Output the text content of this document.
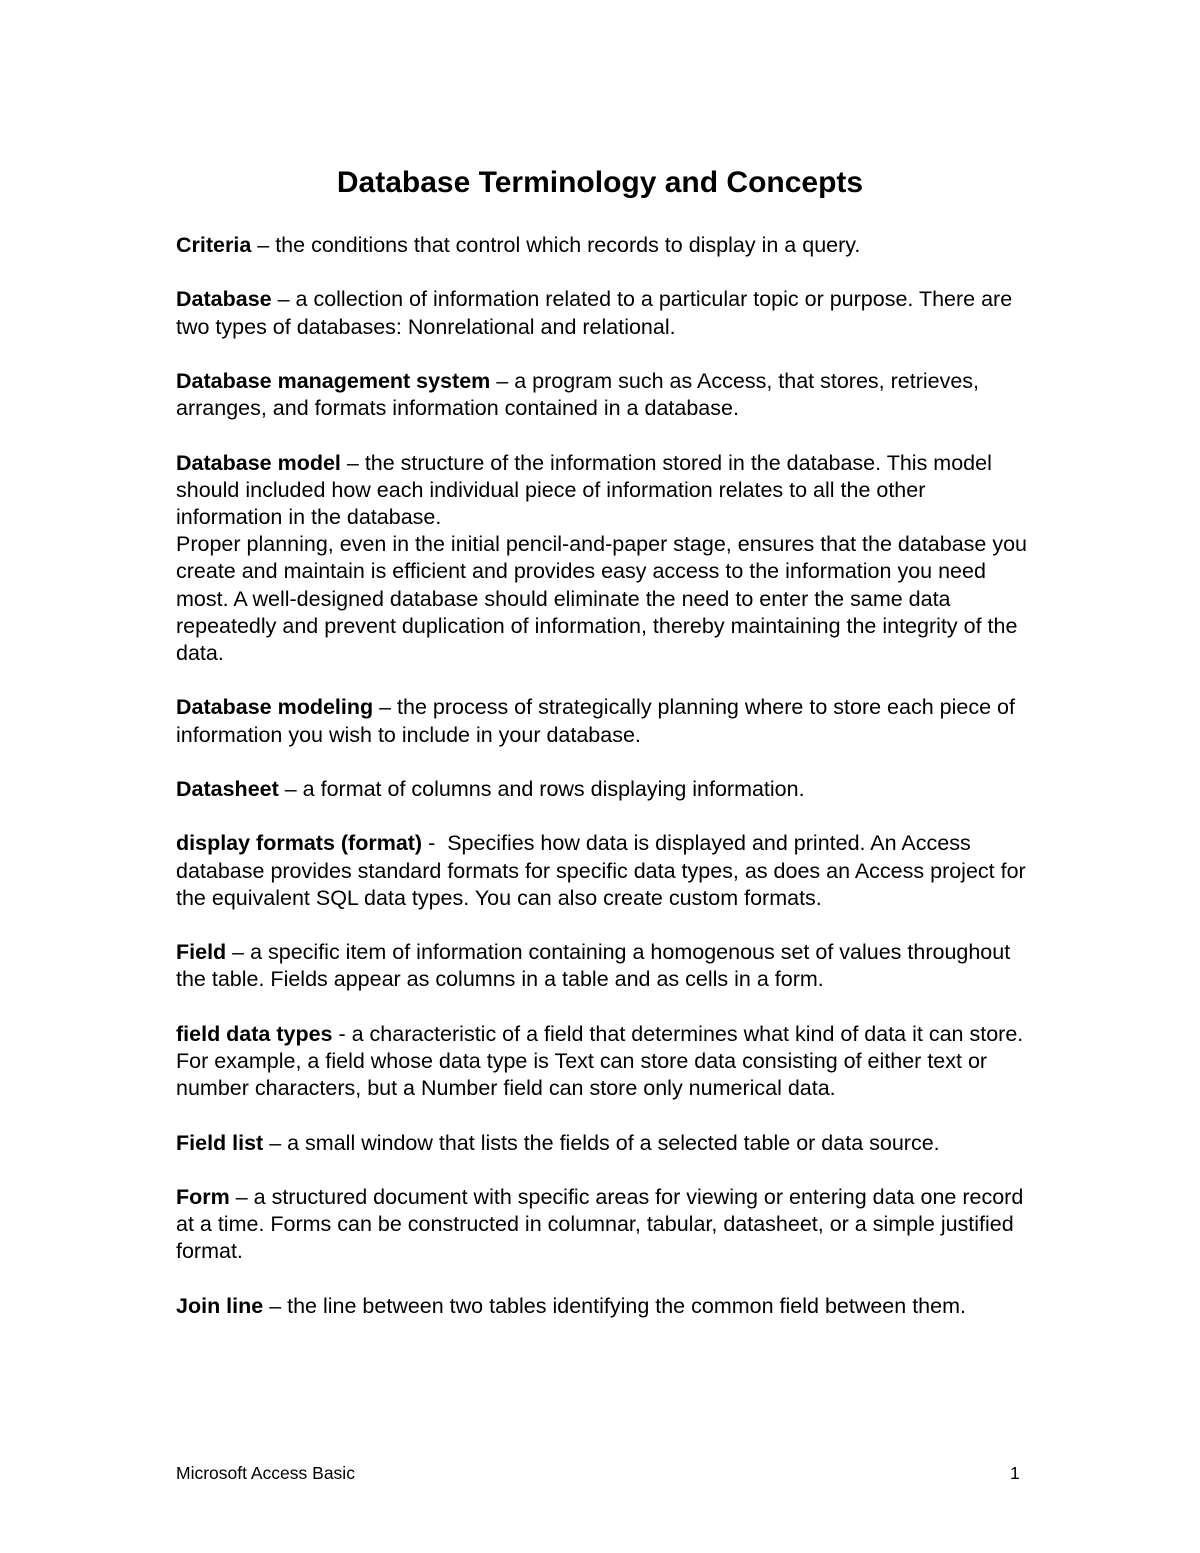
Database Terminology and Concepts

Criteria – the conditions that control which records to display in a query.

Database – a collection of information related to a particular topic or purpose. There are two types of databases: Nonrelational and relational.

Database management system – a program such as Access, that stores, retrieves, arranges, and formats information contained in a database.

Database model – the structure of the information stored in the database. This model should included how each individual piece of information relates to all the other information in the database.

Proper planning, even in the initial pencil-and-paper stage, ensures that the database you create and maintain is efficient and provides easy access to the information you need most. A well-designed database should eliminate the need to enter the same data repeatedly and prevent duplication of information, thereby maintaining the integrity of the data.

Database modeling – the process of strategically planning where to store each piece of information you wish to include in your database.

Datasheet – a format of columns and rows displaying information.

display formats (format) -  Specifies how data is displayed and printed. An Access database provides standard formats for specific data types, as does an Access project for the equivalent SQL data types. You can also create custom formats.

Field – a specific item of information containing a homogenous set of values throughout the table. Fields appear as columns in a table and as cells in a form.

field data types - a characteristic of a field that determines what kind of data it can store. For example, a field whose data type is Text can store data consisting of either text or number characters, but a Number field can store only numerical data.

Field list – a small window that lists the fields of a selected table or data source.

Form – a structured document with specific areas for viewing or entering data one record at a time. Forms can be constructed in columnar, tabular, datasheet, or a simple justified format.

Join line – the line between two tables identifying the common field between them.

Microsoft Access Basic	1
